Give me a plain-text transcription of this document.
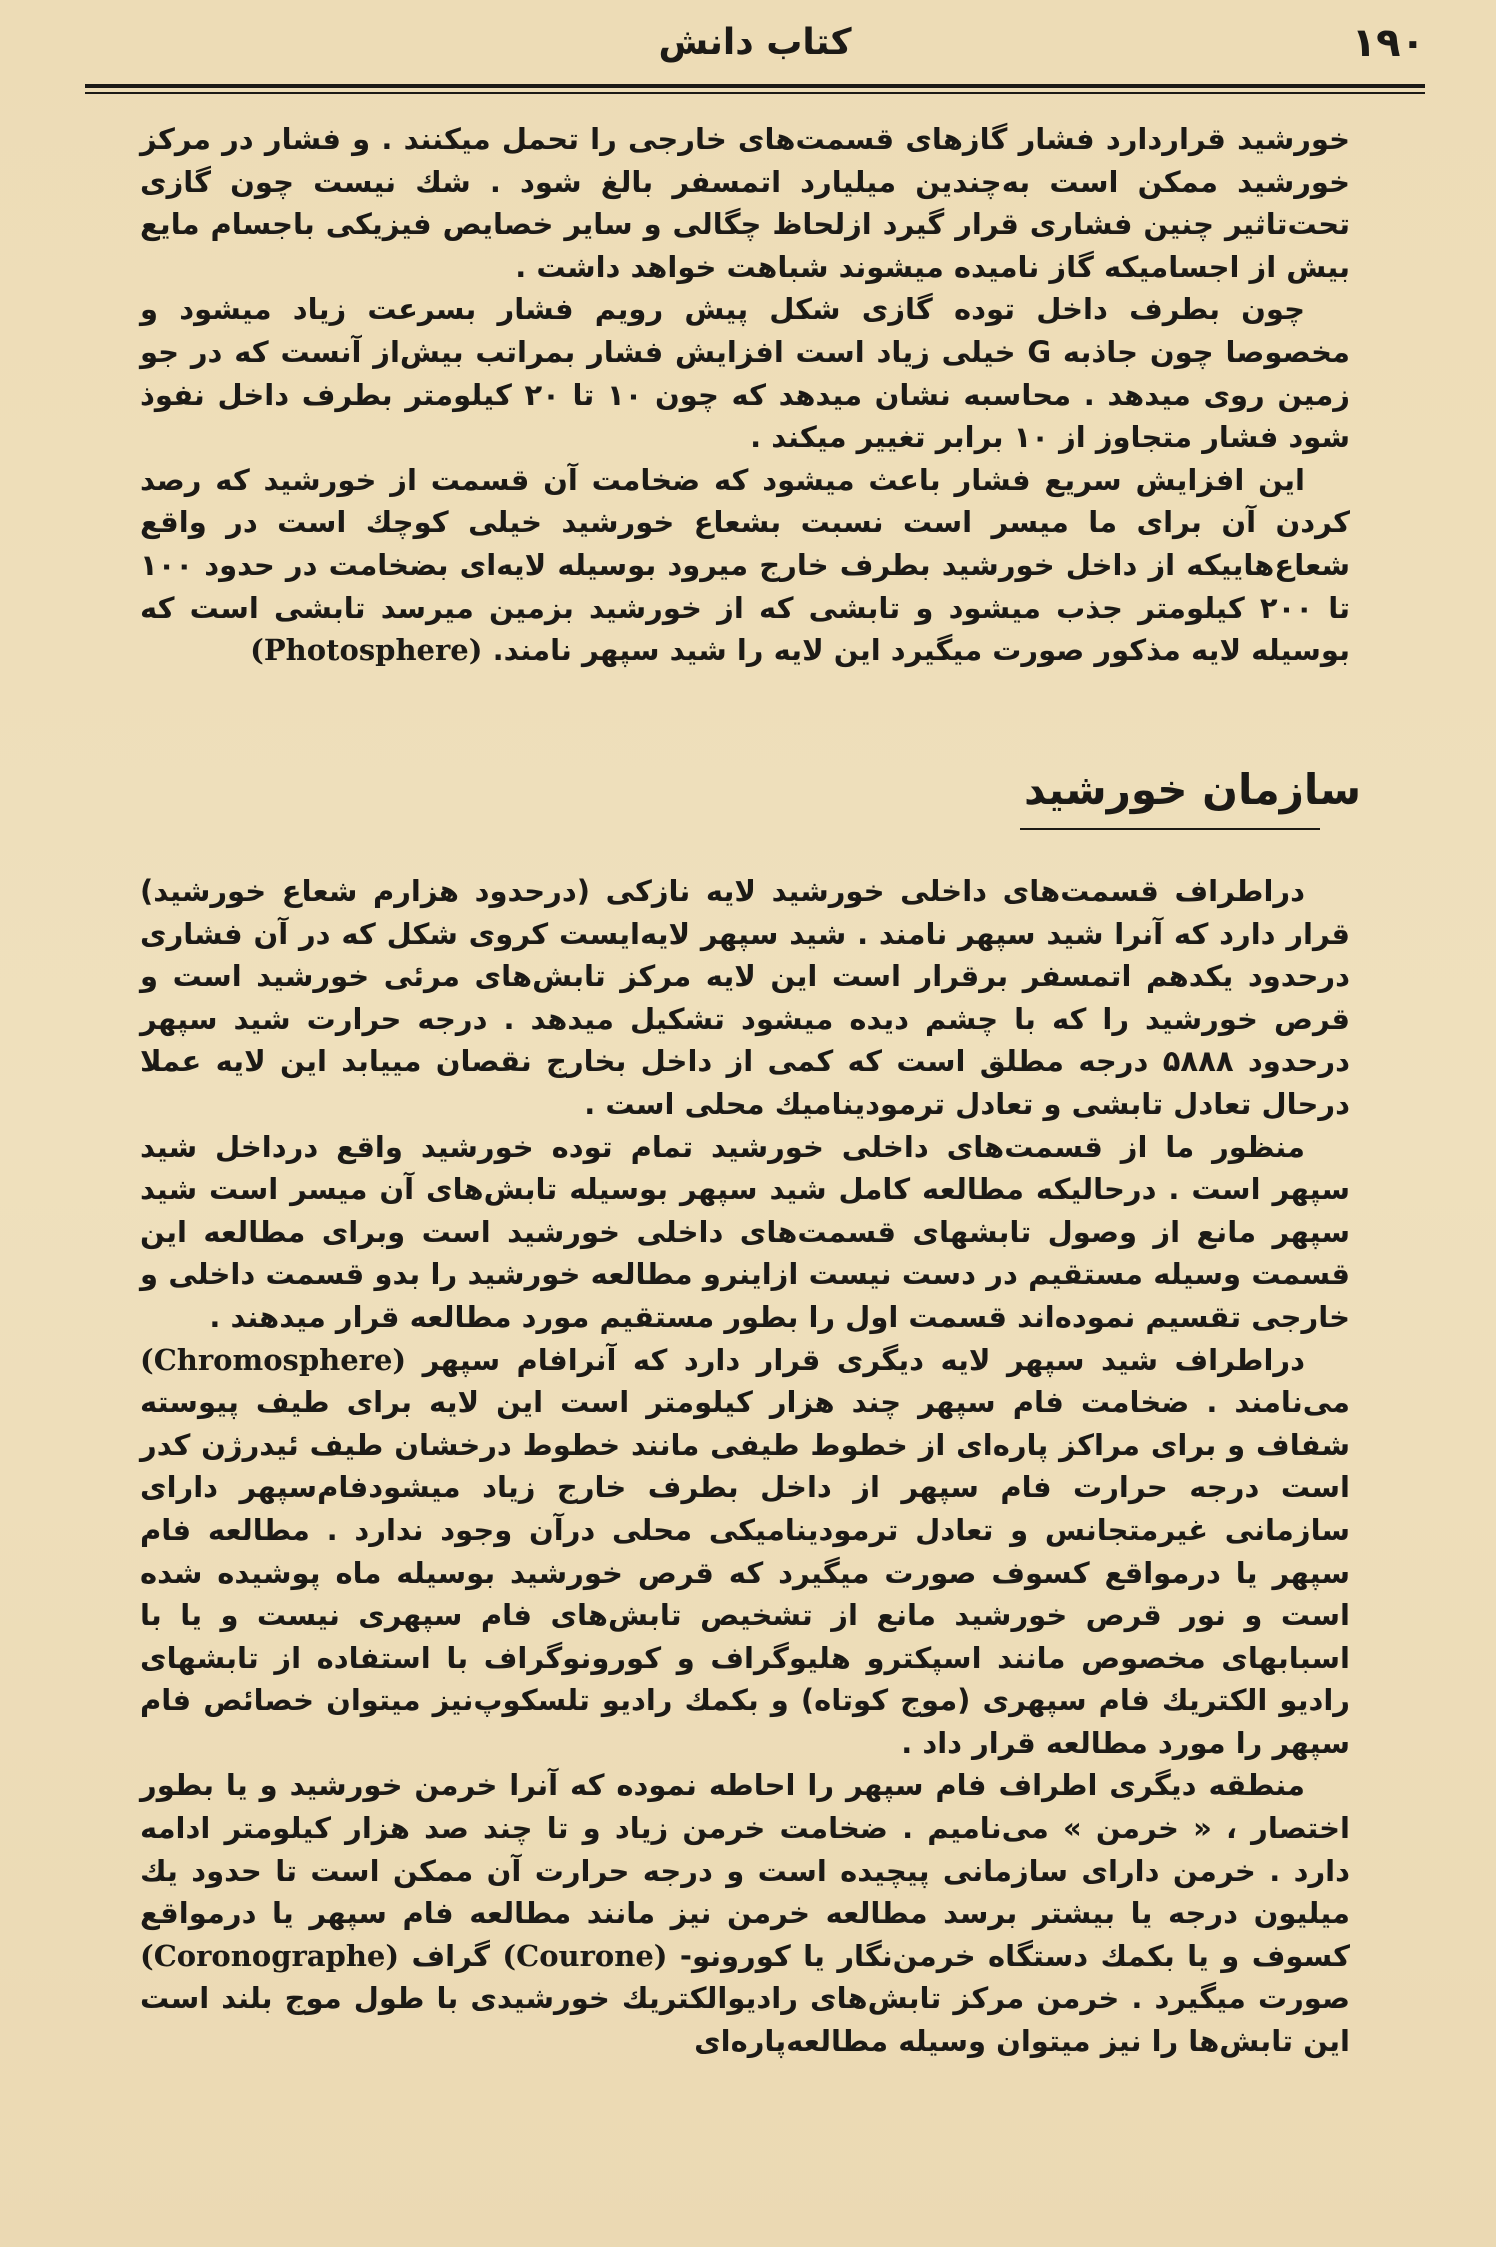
۱۹۰
کتاب دانش

خورشید قراردارد فشار گازهای قسمت‌های خارجی را تحمل میکنند . و فشار در مرکز خورشید ممکن است به‌چندین میلیارد اتمسفر بالغ شود . شك نیست چون گازی تحت‌تاثیر چنین فشاری قرار گیرد ازلحاظ چگالی و سایر خصایص فیزیکی باجسام مایع بیش از اجسامیکه گاز نامیده میشوند شباهت خواهد داشت .

چون بطرف داخل توده گازی شکل پیش رویم فشار بسرعت زیاد میشود و مخصوصا چون جاذبه G خیلی زیاد است افزایش فشار بمراتب بیش‌از آنست که در جو زمین روی میدهد . محاسبه نشان میدهد که چون ۱۰ تا ۲۰ کیلومتر بطرف داخل نفوذ شود فشار متجاوز از ۱۰ برابر تغییر میکند .

این افزایش سریع فشار باعث میشود که ضخامت آن قسمت از خورشید که رصد کردن آن برای ما میسر است نسبت بشعاع خورشید خیلی کوچك است در واقع شعاع‌هاییکه از داخل خورشید بطرف خارج میرود بوسیله لایه‌ای بضخامت در حدود ۱۰۰ تا ۲۰۰ کیلومتر جذب میشود و تابشی که از خورشید بزمین میرسد تابشی است که بوسیله لایه مذکور صورت میگیرد این لایه را شید سپهر نامند. (Photosphere)

سازمان خورشید

دراطراف قسمت‌های داخلی خورشید لایه نازکی (درحدود هزارم شعاع خورشید) قرار دارد که آنرا شید سپهر نامند . شید سپهر لایه‌ایست کروی شکل که در آن فشاری درحدود یکدهم اتمسفر برقرار است این لایه مرکز تابش‌های مرئی خورشید است و قرص خورشید را که با چشم دیده میشود تشکیل میدهد . درجه حرارت شید سپهر درحدود ۵۸۸۸ درجه مطلق است که کمی از داخل بخارج نقصان مییابد این لایه عملا درحال تعادل تابشی و تعادل ترمودینامیك محلی است .

منظور ما از قسمت‌های داخلی خورشید تمام توده خورشید واقع درداخل شید سپهر است . درحالیکه مطالعه کامل شید سپهر بوسیله تابش‌های آن میسر است شید سپهر مانع از وصول تابشهای قسمت‌های داخلی خورشید است وبرای مطالعه این قسمت وسیله مستقیم در دست نیست ازاینرو مطالعه خورشید را بدو قسمت داخلی و خارجی تقسیم نموده‌اند قسمت اول را بطور مستقیم مورد مطالعه قرار میدهند .

دراطراف شید سپهر لایه دیگری قرار دارد که آنرافام سپهر (Chromosphere) می‌نامند . ضخامت فام سپهر چند هزار کیلومتر است این لایه برای طیف پیوسته شفاف و برای مراکز پاره‌ای از خطوط طیفی مانند خطوط درخشان طیف ئیدرژن کدر است درجه حرارت فام سپهر از داخل بطرف خارج زیاد میشودفام‌سپهر دارای سازمانی غیرمتجانس و تعادل ترمودینامیکی محلی درآن وجود ندارد . مطالعه فام سپهر یا درمواقع کسوف صورت میگیرد که قرص خورشید بوسیله ماه پوشیده شده است و نور قرص خورشید مانع از تشخیص تابش‌های فام سپهری نیست و یا با اسبابهای مخصوص مانند اسپکترو هلیوگراف و کورونوگراف با استفاده از تابشهای رادیو الکتریك فام سپهری (موج کوتاه) و بکمك رادیو تلسکوپ‌نیز میتوان خصائص فام سپهر را مورد مطالعه قرار داد .

منطقه دیگری اطراف فام سپهر را احاطه نموده که آنرا خرمن خورشید و یا بطور اختصار ، « خرمن » می‌نامیم . ضخامت خرمن زیاد و تا چند صد هزار کیلومتر ادامه دارد . خرمن دارای سازمانی پیچیده است و درجه حرارت آن ممکن است تا حدود یك میلیون درجه یا بیشتر برسد مطالعه خرمن نیز مانند مطالعه فام سپهر یا درمواقع کسوف و یا بکمك دستگاه خرمن‌نگار یا کورونو- (Courone) گراف (Coronographe) صورت میگیرد . خرمن مرکز تابش‌های رادیوالکتریك خورشیدی با طول موج بلند است این تابش‌ها را نیز میتوان وسیله مطالعه‌پاره‌ای
